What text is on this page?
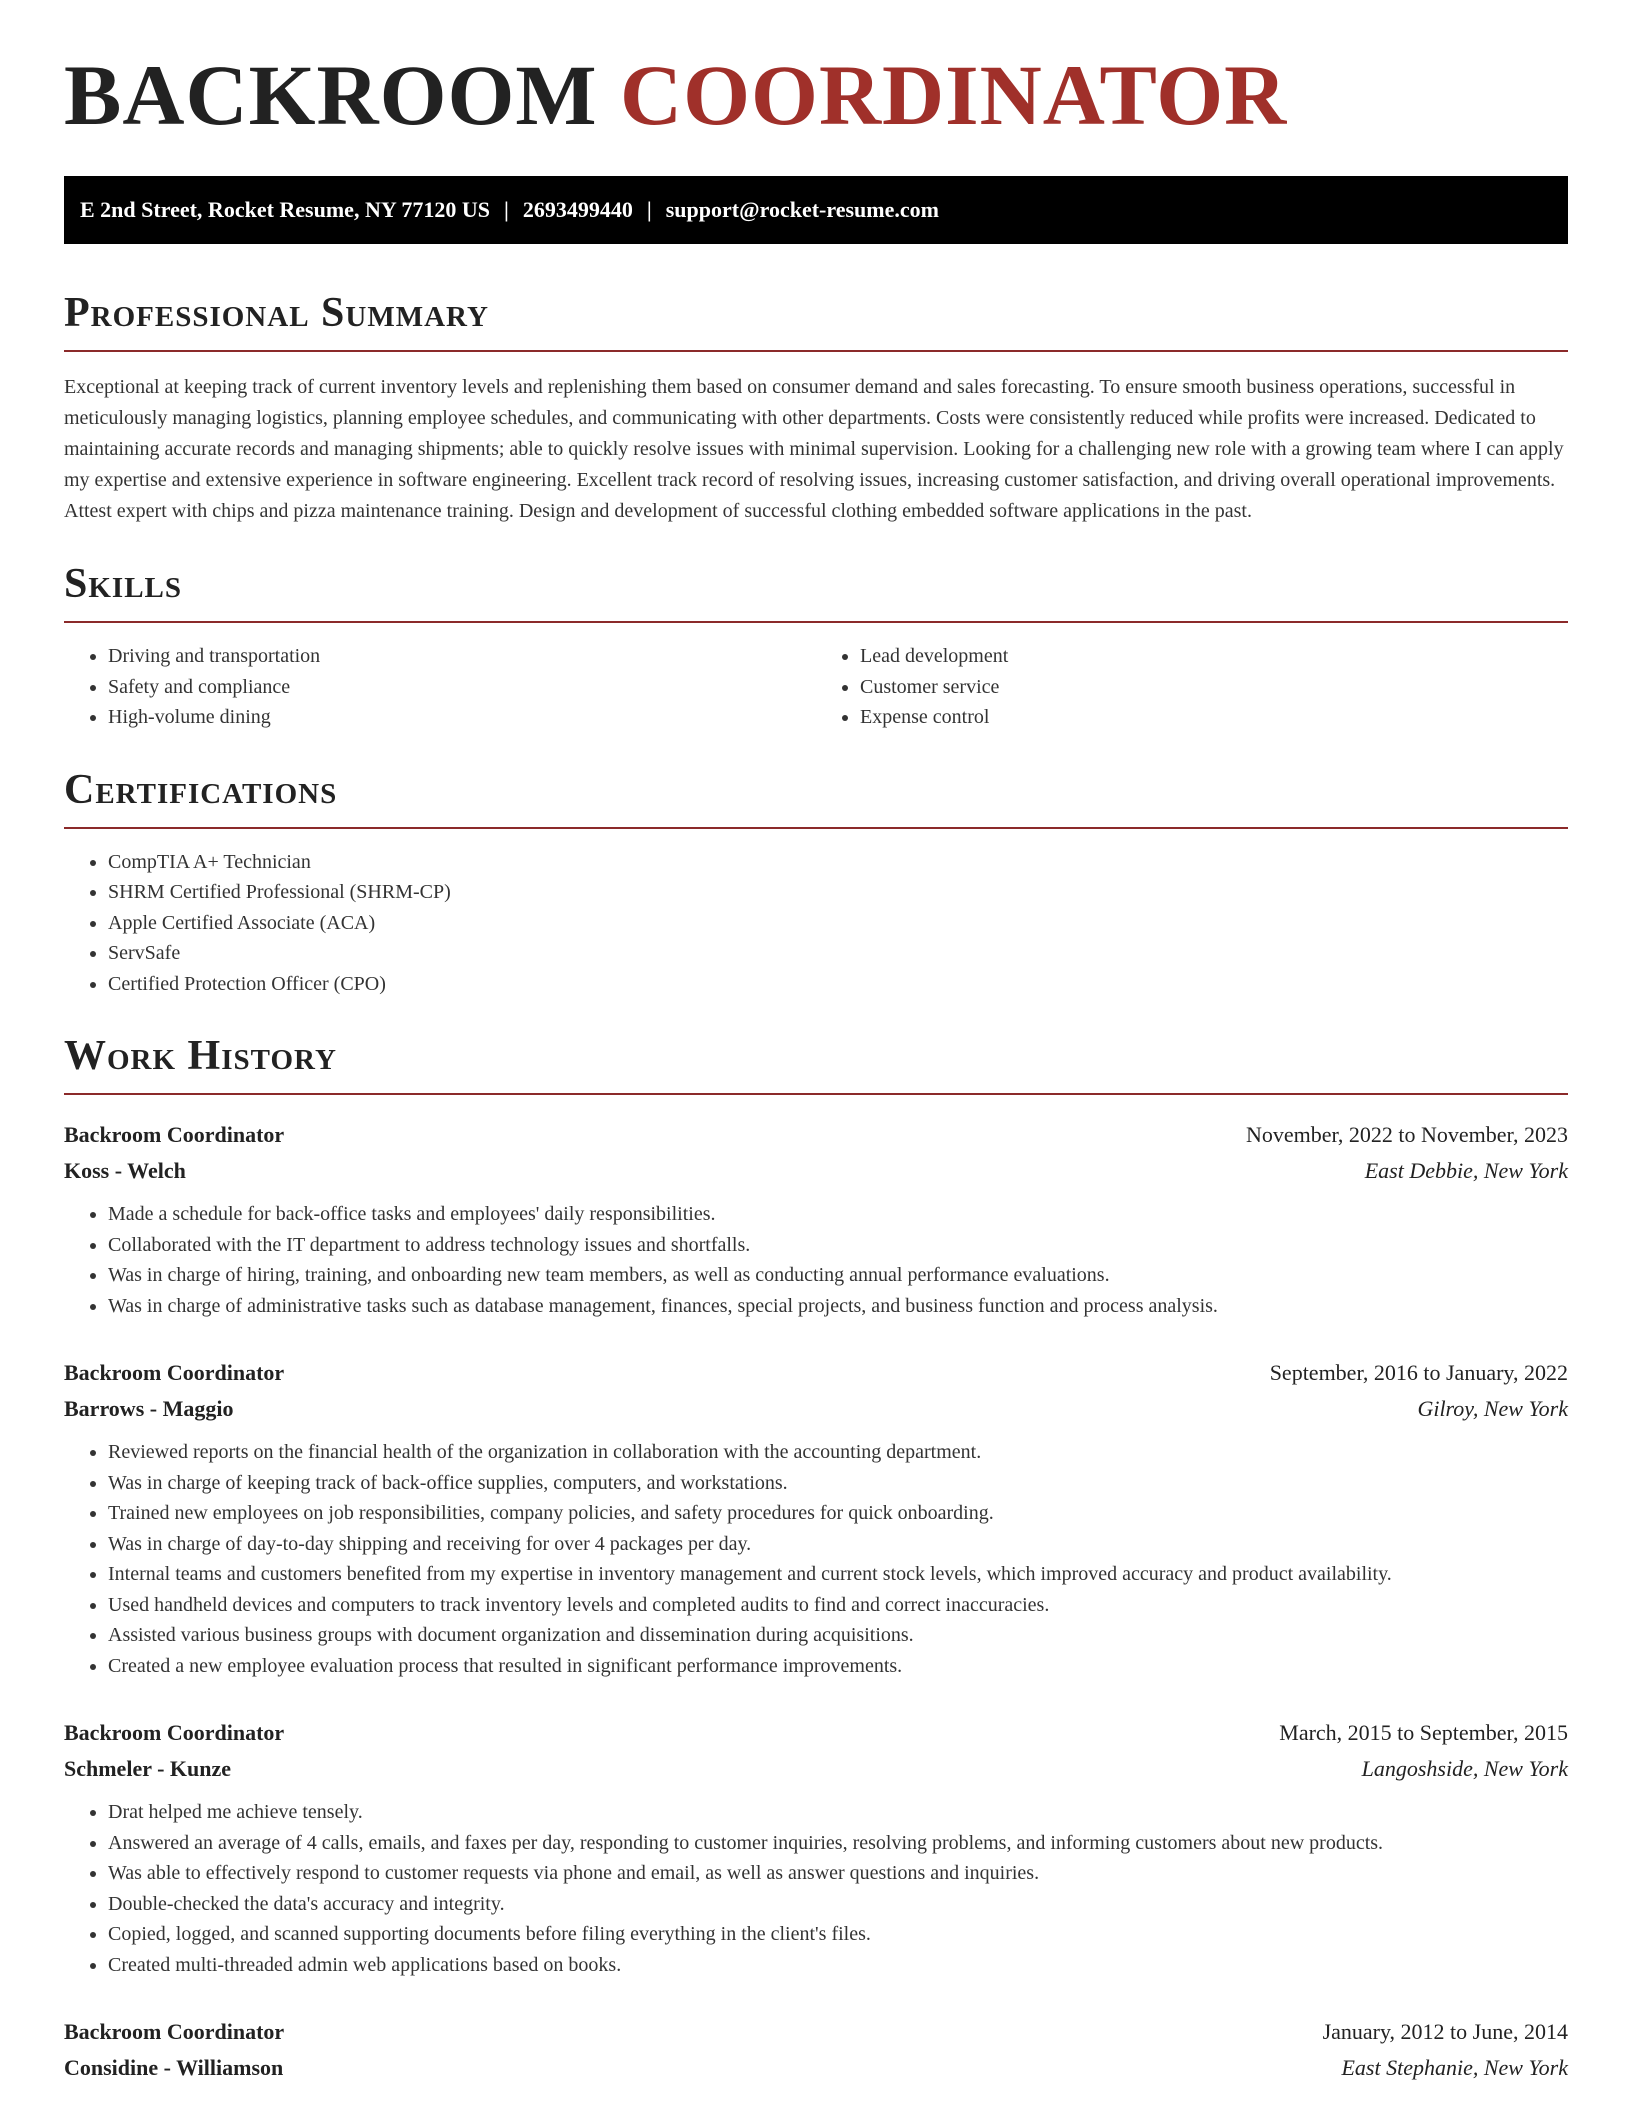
BACKROOM COORDINATOR
E 2nd Street, Rocket Resume, NY 77120 US | 2693499440 | support@rocket-resume.com
Professional Summary

Exceptional at keeping track of current inventory levels and replenishing them based on consumer demand and sales forecasting. To ensure smooth business operations, successful in meticulously managing logistics, planning employee schedules, and communicating with other departments. Costs were consistently reduced while profits were increased. Dedicated to maintaining accurate records and managing shipments; able to quickly resolve issues with minimal supervision. Looking for a challenging new role with a growing team where I can apply my expertise and extensive experience in software engineering. Excellent track record of resolving issues, increasing customer satisfaction, and driving overall operational improvements. Attest expert with chips and pizza maintenance training. Design and development of successful clothing embedded software applications in the past.

Skills
• Driving and transportation
• Safety and compliance
• High-volume dining
• Lead development
• Customer service
• Expense control
Certifications
• CompTIA A+ Technician
• SHRM Certified Professional (SHRM-CP)
• Apple Certified Associate (ACA)
• ServSafe
• Certified Protection Officer (CPO)
Work History
Backroom Coordinator	November, 2022 to November, 2023
Koss - Welch	East Debbie, New York
• Made a schedule for back-office tasks and employees' daily responsibilities.
• Collaborated with the IT department to address technology issues and shortfalls.
• Was in charge of hiring, training, and onboarding new team members, as well as conducting annual performance evaluations.
• Was in charge of administrative tasks such as database management, finances, special projects, and business function and process analysis.
Backroom Coordinator	September, 2016 to January, 2022
Barrows - Maggio	Gilroy, New York
• Reviewed reports on the financial health of the organization in collaboration with the accounting department.
• Was in charge of keeping track of back-office supplies, computers, and workstations.
• Trained new employees on job responsibilities, company policies, and safety procedures for quick onboarding.
• Was in charge of day-to-day shipping and receiving for over 4 packages per day.
• Internal teams and customers benefited from my expertise in inventory management and current stock levels, which improved accuracy and product availability.
• Used handheld devices and computers to track inventory levels and completed audits to find and correct inaccuracies.
• Assisted various business groups with document organization and dissemination during acquisitions.
• Created a new employee evaluation process that resulted in significant performance improvements.
Backroom Coordinator	March, 2015 to September, 2015
Schmeler - Kunze	Langoshside, New York
• Drat helped me achieve tensely.
• Answered an average of 4 calls, emails, and faxes per day, responding to customer inquiries, resolving problems, and informing customers about new products.
• Was able to effectively respond to customer requests via phone and email, as well as answer questions and inquiries.
• Double-checked the data's accuracy and integrity.
• Copied, logged, and scanned supporting documents before filing everything in the client's files.
• Created multi-threaded admin web applications based on books.
Backroom Coordinator	January, 2012 to June, 2014
Considine - Williamson	East Stephanie, New York
